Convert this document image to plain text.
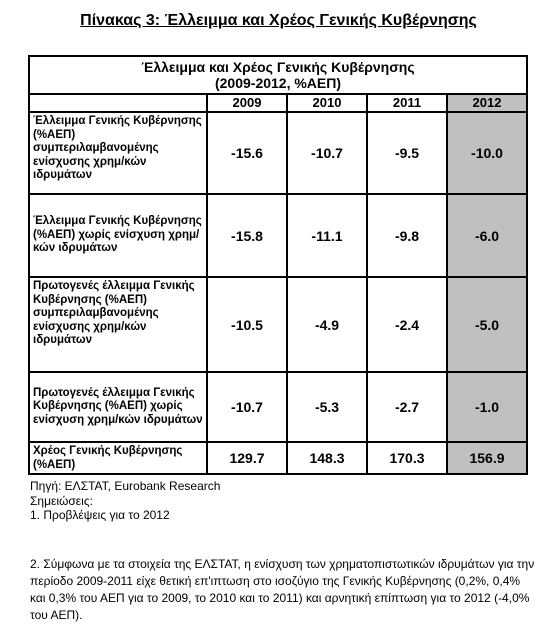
Πίνακας 3: Έλλειμμα και Χρέος Γενικής Κυβέρνησης
Έλλειμμα και Χρέος Γενικής Κυβέρνησης
(2009-2012, %ΑΕΠ)				

	2009	2010	2011	2012

Έλλειμμα Γενικής Κυβέρνησης (%ΑΕΠ) συμπεριλαμβανομένης ενίσχυσης χρημ/κών ιδρυμάτων	-15.6	-10.7	-9.5	-10.0

Έλλειμμα Γενικής Κυβέρνησης (%ΑΕΠ) χωρίς ενίσχυση χρημ/κών ιδρυμάτων	-15.8	-11.1	-9.8	-6.0

Πρωτογενές έλλειμμα Γενικής Κυβέρνησης (%ΑΕΠ) συμπεριλαμβανομένης ενίσχυσης χρημ/κών ιδρυμάτων	-10.5	-4.9	-2.4	-5.0

Πρωτογενές έλλειμμα Γενικής Κυβέρνησης (%ΑΕΠ) χωρίς ενίσχυση χρημ/κών ιδρυμάτων	-10.7	-5.3	-2.7	-1.0

Χρέος Γενικής Κυβέρνησης (%ΑΕΠ)	129.7	148.3	170.3	156.9
Πηγή: ΕΛΣΤΑΤ, Eurobank Research
Σημειώσεις:
1. Προβλέψεις για το 2012
2. Σύμφωνα με τα στοιχεία της ΕΛΣΤΑΤ, η ενίσχυση των χρηματοπιστωτικών ιδρυμάτων για την περίοδο 2009-2011 είχε θετική επ'ιπτωση στο ισοζύγιο της Γενικής Κυβέρνησης (0,2%, 0,4% και 0,3% του ΑΕΠ για το 2009, το 2010 και το 2011) και αρνητική επίπτωση για το 2012 (-4,0% του ΑΕΠ).
